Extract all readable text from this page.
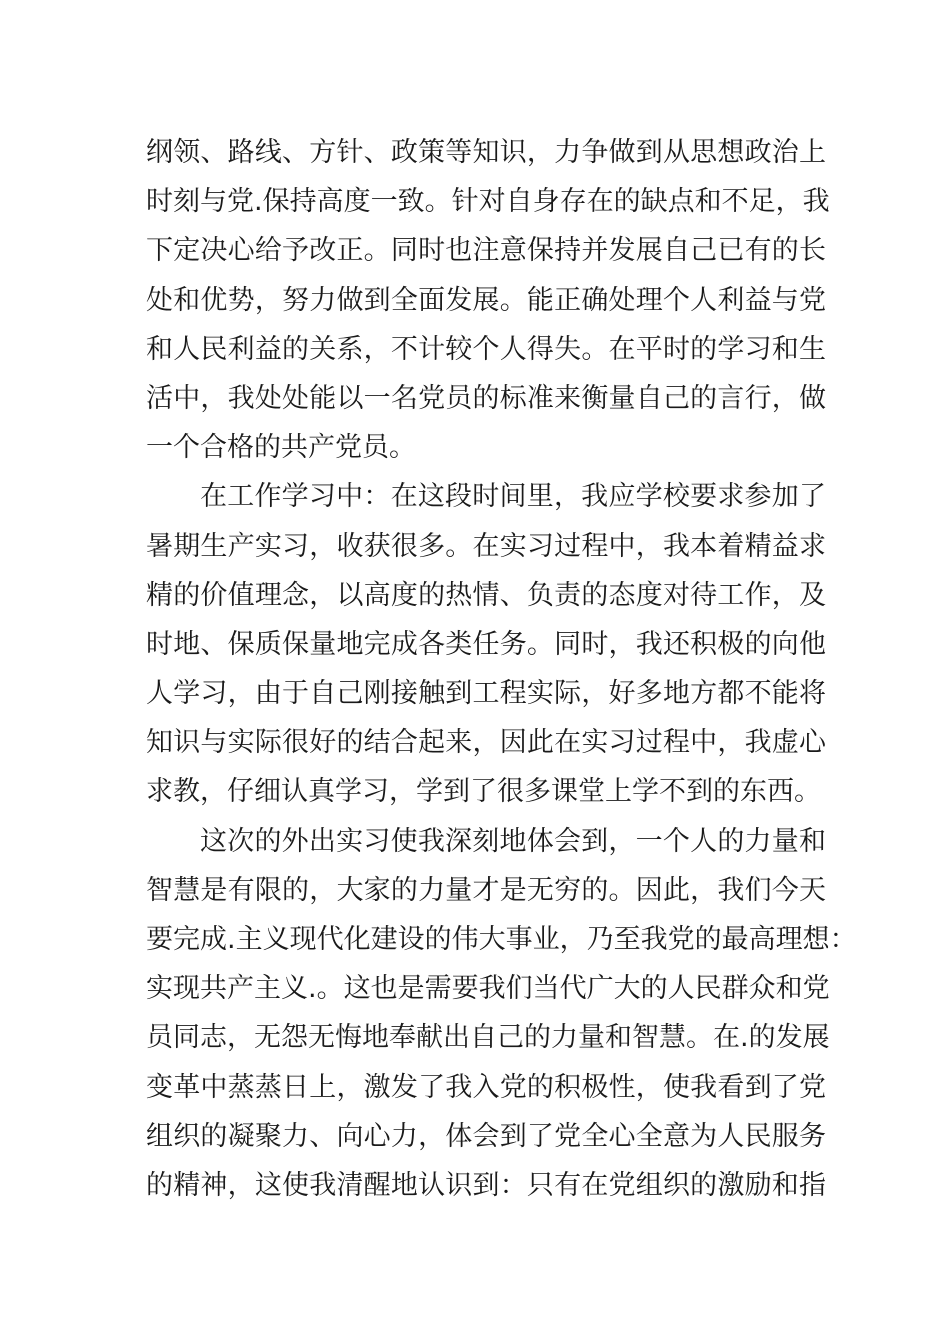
纲领、路线、方针、政策等知识，力争做到从思想政治上
时刻与党.保持高度一致。针对自身存在的缺点和不足，我
下定决心给予改正。同时也注意保持并发展自己已有的长
处和优势，努力做到全面发展。能正确处理个人利益与党
和人民利益的关系，不计较个人得失。在平时的学习和生
活中，我处处能以一名党员的标准来衡量自己的言行，做
一个合格的共产党员。
在工作学习中：在这段时间里，我应学校要求参加了
暑期生产实习，收获很多。在实习过程中，我本着精益求
精的价值理念，以高度的热情、负责的态度对待工作，及
时地、保质保量地完成各类任务。同时，我还积极的向他
人学习，由于自己刚接触到工程实际，好多地方都不能将
知识与实际很好的结合起来，因此在实习过程中，我虚心
求教，仔细认真学习，学到了很多课堂上学不到的东西。
这次的外出实习使我深刻地体会到，一个人的力量和
智慧是有限的，大家的力量才是无穷的。因此，我们今天
要完成.主义现代化建设的伟大事业，乃至我党的最高理想：
实现共产主义.。这也是需要我们当代广大的人民群众和党
员同志，无怨无悔地奉献出自己的力量和智慧。在.的发展
变革中蒸蒸日上，激发了我入党的积极性，使我看到了党
组织的凝聚力、向心力，体会到了党全心全意为人民服务
的精神，这使我清醒地认识到：只有在党组织的激励和指
